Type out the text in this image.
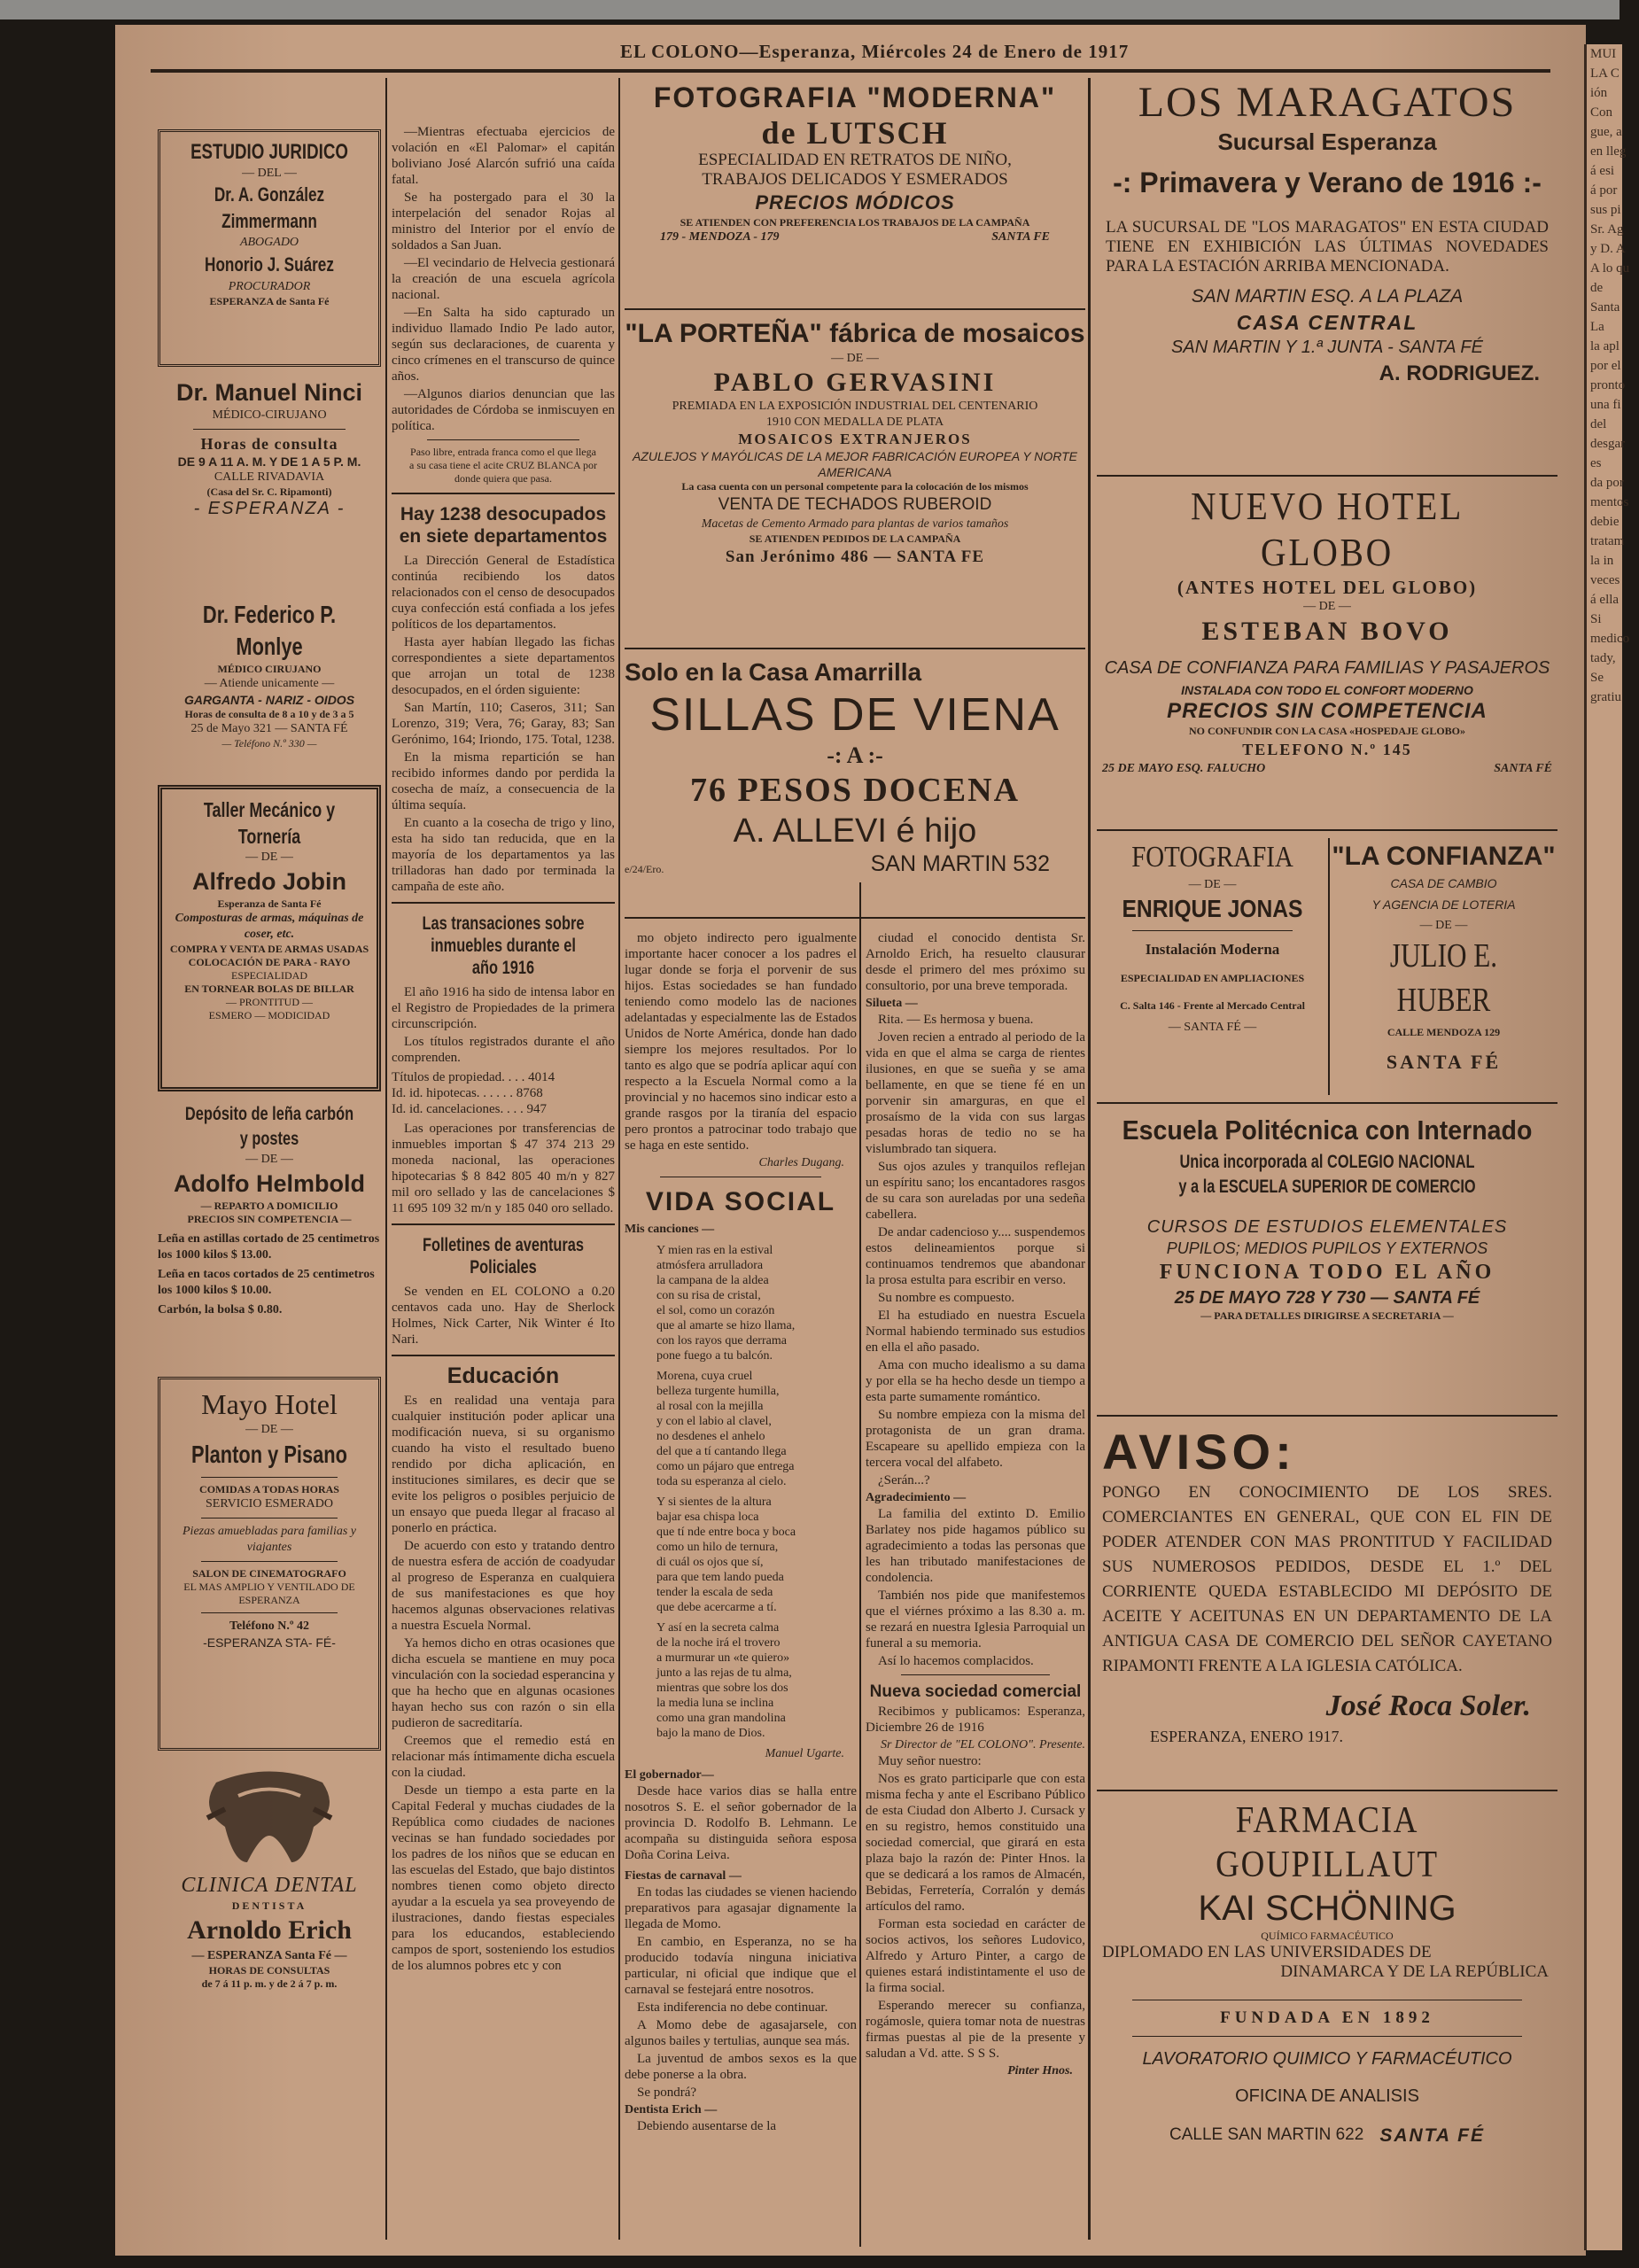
EL COLONO—Esperanza, Miércoles 24 de Enero de 1917
ESTUDIO JURIDICO
— DEL —
Dr. A. González Zimmermann
ABOGADO
Honorio J. Suárez
PROCURADOR
ESPERANZA de Santa Fé
Dr. Manuel Ninci
MÉDICO-CIRUJANO
Horas de consulta
DE 9 A 11 A. M. Y DE 1 A 5 P. M.
CALLE RIVADAVIA
(Casa del Sr. C. Ripamonti)
- ESPERANZA -
Dr. Federico P. Monlye
MÉDICO CIRUJANO
— Atiende unicamente —
GARGANTA - NARIZ - OIDOS
Horas de consulta de 8 a 10 y de 3 a 5
25 de Mayo 321 — SANTA FÉ
— Teléfono N.º 330 —
Taller Mecánico y Tornería
— DE —
Alfredo Jobin
Esperanza de Santa Fé
Composturas de armas, máquinas de coser, etc.
COMPRA Y VENTA DE ARMAS USADAS
COLOCACIÓN DE PARA - RAYO
ESPECIALIDAD
EN TORNEAR BOLAS DE BILLAR
— PRONTITUD —
ESMERO — MODICIDAD
Depósito de leña carbón y postes
— DE —
Adolfo Helmbold
— REPARTO A DOMICILIO
PRECIOS SIN COMPETENCIA —
Leña en astillas cortado de 25 centimetros los 1000 kilos $ 13.00.
Leña en tacos cortados de 25 centimetros los 1000 kilos $ 10.00.
Carbón, la bolsa $ 0.80.
Mayo Hotel
— DE —
Planton y Pisano
COMIDAS A TODAS HORAS
SERVICIO ESMERADO
Piezas amuebladas para familias y viajantes
SALON DE CINEMATOGRAFO
EL MAS AMPLIO Y VENTILADO DE ESPERANZA
Teléfono N.º 42
-ESPERANZA STA- FÉ-
CLINICA DENTAL
DENTISTA
Arnoldo Erich
— ESPERANZA Santa Fé —
HORAS DE CONSULTAS
de 7 á 11 p. m. y de 2 á 7 p. m.

—Mientras efectuaba ejercicios de volación en «El Palomar» el capitán boliviano José Alarcón sufrió una caída fatal.

Se ha postergado para el 30 la interpelación del senador Rojas al ministro del Interior por el envío de soldados a San Juan.

—El vecindario de Helvecia gestionará la creación de una escuela agrícola nacional.

—En Salta ha sido capturado un individuo llamado Indio Pe lado autor, según sus declaraciones, de cuarenta y cinco crímenes en el transcurso de quince años.

—Algunos diarios denuncian que las autoridades de Córdoba se inmiscuyen en política.

Paso libre, entrada franca como el que llega a su casa tiene el acite CRUZ BLANCA por donde quiera que pasa.
Hay 1238 desocupados en siete departamentos

La Dirección General de Estadística continúa recibiendo los datos relacionados con el censo de desocupados cuya confección está confiada a los jefes políticos de los departamentos.

Hasta ayer habían llegado las fichas correspondientes a siete departamentos que arrojan un total de 1238 desocupados, en el órden siguiente:

San Martín, 110; Caseros, 311; San Lorenzo, 319; Vera, 76; Garay, 83; San Gerónimo, 164; Iriondo, 175. Total, 1238.

En la misma repartición se han recibido informes dando por perdida la cosecha de maíz, a consecuencia de la última sequía.

En cuanto a la cosecha de trigo y lino, esta ha sido tan reducida, que en la mayoría de los departamentos ya las trilladoras han dado por terminada la campaña de este año.

Las transaciones sobre inmuebles durante el año 1916

El año 1916 ha sido de intensa labor en el Registro de Propiedades de la primera circunscripción.

Los títulos registrados durante el año comprenden.

Títulos de propiedad. . . . 4014
Id. id. hipotecas. . . . . . 8768
Id. id. cancelaciones. . . . 947

Las operaciones por transferencias de inmuebles importan $ 47 374 213 29 moneda nacional, las operaciones hipotecarias $ 8 842 805 40 m/n y 827 mil oro sellado y las de cancelaciones $ 11 695 109 32 m/n y 185 040 oro sellado.

Folletines de aventuras Policiales

Se venden en EL COLONO a 0.20 centavos cada uno. Hay de Sherlock Holmes, Nick Carter, Nik Winter é Ito Nari.

Educación

Es en realidad una ventaja para cualquier institución poder aplicar una modificación nueva, si su organismo cuando ha visto el resultado bueno rendido por dicha aplicación, en instituciones similares, es decir que se evite los peligros o posibles perjuicio de un ensayo que pueda llegar al fracaso al ponerlo en práctica.

De acuerdo con esto y tratando dentro de nuestra esfera de acción de coadyudar al progreso de Esperanza en cualquiera de sus manifestaciones es que hoy hacemos algunas observaciones relativas a nuestra Escuela Normal.

Ya hemos dicho en otras ocasiones que dicha escuela se mantiene en muy poca vinculación con la sociedad esperancina y que ha hecho que en algunas ocasiones hayan hecho sus con razón o sin ella pudieron de sacreditaría.

Creemos que el remedio está en relacionar más íntimamente dicha escuela con la ciudad.

Desde un tiempo a esta parte en la Capital Federal y muchas ciudades de la República como ciudades de naciones vecinas se han fundado sociedades por los padres de los niños que se educan en las escuelas del Estado, que bajo distintos nombres tienen como objeto directo ayudar a la escuela ya sea proveyendo de ilustraciones, dando fiestas especiales para los educandos, estableciendo campos de sport, sosteniendo los estudios de los alumnos pobres etc y con

FOTOGRAFIA "MODERNA"
de LUTSCH
ESPECIALIDAD EN RETRATOS DE NIÑO,
TRABAJOS DELICADOS Y ESMERADOS
PRECIOS MÓDICOS
SE ATIENDEN CON PREFERENCIA LOS TRABAJOS DE LA CAMPAÑA
179 - MENDOZA - 179	SANTA FE
"LA PORTEÑA" fábrica de mosaicos
— DE —
PABLO GERVASINI
PREMIADA EN LA EXPOSICIÓN INDUSTRIAL DEL CENTENARIO 1910 CON MEDALLA DE PLATA
MOSAICOS EXTRANJEROS
AZULEJOS Y MAYÓLICAS DE LA MEJOR FABRICACIÓN EUROPEA Y NORTE AMERICANA
La casa cuenta con un personal competente para la colocación de los mismos
VENTA DE TECHADOS RUBEROID
Macetas de Cemento Armado para plantas de varios tamaños
SE ATIENDEN PEDIDOS DE LA CAMPAÑA
San Jerónimo 486 — SANTA FE
Solo en la Casa Amarrilla
SILLAS DE VIENA
-: A :-
76 PESOS DOCENA
A. ALLEVI é hijo
e/24/Ero.	SAN MARTIN 532

mo objeto indirecto pero igualmente importante hacer conocer a los padres el lugar donde se forja el porvenir de sus hijos. Estas sociedades se han fundado teniendo como modelo las de naciones adelantadas y especialmente las de Estados Unidos de Norte América, donde han dado siempre los mejores resultados. Por lo tanto es algo que se podría aplicar aquí con respecto a la Escuela Normal como a la provincial y no hacemos sino indicar esto a grande rasgos por la tiranía del espacio pero prontos a patrocinar todo trabajo que se haga en este sentido.

Charles Dugang.
VIDA SOCIAL
Mis canciones —
Y mien ras en la estival
atmósfera arrulladora
la campana de la aldea
con su risa de cristal,
el sol, como un corazón
que al amarte se hizo llama,
con los rayos que derrama
pone fuego a tu balcón.
Morena, cuya cruel
belleza turgente humilla,
al rosal con la mejilla
y con el labio al clavel,
no desdenes el anhelo
del que a tí cantando llega
como un pájaro que entrega
toda su esperanza al cielo.
Y si sientes de la altura
bajar esa chispa loca
que tí nde entre boca y boca
como un hilo de ternura,
di cuál os ojos que sí,
para que tem lando pueda
tender la escala de seda
que debe acercarme a tí.
Y así en la secreta calma
de la noche irá el trovero
a murmurar un «te quiero»
junto a las rejas de tu alma,
mientras que sobre los dos
la media luna se inclina
como una gran mandolina
bajo la mano de Dios.
Manuel Ugarte.
El gobernador—

Desde hace varios dias se halla entre nosotros S. E. el señor gobernador de la provincia D. Rodolfo B. Lehmann. Le acompaña su distinguida señora esposa Doña Corina Leiva.

Fiestas de carnaval —

En todas las ciudades se vienen haciendo preparativos para agasajar dignamente la llegada de Momo.

En cambio, en Esperanza, no se ha producido todavía ninguna iniciativa particular, ni oficial que indique que el carnaval se festejará entre nosotros.

Esta indiferencia no debe continuar.

A Momo debe de agasajarsele, con algunos bailes y tertulias, aunque sea más.

La juventud de ambos sexos es la que debe ponerse a la obra.

Se pondrá?

Dentista Erich —

Debiendo ausentarse de la

ciudad el conocido dentista Sr. Arnoldo Erich, ha resuelto clausurar desde el primero del mes próximo su consultorio, por una breve temporada.

Silueta —

Rita. — Es hermosa y buena.

Joven recien a entrado al periodo de la vida en que el alma se carga de rientes ilusiones, en que se sueña y se ama bellamente, en que se tiene fé en un porvenir sin amarguras, en que el prosaísmo de la vida con sus largas pesadas horas de tedio no se ha vislumbrado tan siquera.

Sus ojos azules y tranquilos reflejan un espíritu sano; los encantadores rasgos de su cara son aureladas por una sedeña cabellera.

De andar cadencioso y.... suspendemos estos delineamientos porque si continuamos tendremos que abandonar la prosa estulta para escribir en verso.

Su nombre es compuesto.

El ha estudiado en nuestra Escuela Normal habiendo terminado sus estudios en ella el año pasado.

Ama con mucho idealismo a su dama y por ella se ha hecho desde un tiempo a esta parte sumamente romántico.

Su nombre empieza con la misma del protagonista de un gran drama. Escapeare su apellido empieza con la tercera vocal del alfabeto.

¿Serán...?

Agradecimiento —

La familia del extinto D. Emilio Barlatey nos pide hagamos público su agradecimiento a todas las personas que les han tributado manifestaciones de condolencia.

También nos pide que manifestemos que el viérnes próximo a las 8.30 a. m. se rezará en nuestra Iglesia Parroquial un funeral a su memoria.

Así lo hacemos complacidos.

Nueva sociedad comercial

Recibimos y publicamos: Esperanza, Diciembre 26 de 1916

Sr Director de "EL COLONO". Presente.

Muy señor nuestro:

Nos es grato participarle que con esta misma fecha y ante el Escribano Público de esta Ciudad don Alberto J. Cursack y en su registro, hemos constituido una sociedad comercial, que girará en esta plaza bajo la razón de: Pinter Hnos. la que se dedicará a los ramos de Almacén, Bebidas, Ferretería, Corralón y demás artículos del ramo.

Forman esta sociedad en carácter de socios activos, los señores Ludovico, Alfredo y Arturo Pinter, a cargo de quienes estará indistintamente el uso de la firma social.

Esperando merecer su confianza, rogámosle, quiera tomar nota de nuestras firmas puestas al pie de la presente y saludan a Vd. atte. S S S.

Pinter Hnos.
LOS MARAGATOS
Sucursal Esperanza
-: Primavera y Verano de 1916 :-
LA SUCURSAL DE "LOS MARAGATOS" EN ESTA CIUDAD TIENE EN EXHIBICIÓN LAS ÚLTIMAS NOVEDADES PARA LA ESTACIÓN ARRIBA MENCIONADA.
SAN MARTIN ESQ. A LA PLAZA
CASA CENTRAL
SAN MARTIN Y 1.ª JUNTA - SANTA FÉ
A. RODRIGUEZ.
NUEVO HOTEL GLOBO
(ANTES HOTEL DEL GLOBO)
— DE —
ESTEBAN BOVO
CASA DE CONFIANZA PARA FAMILIAS Y PASAJEROS
INSTALADA CON TODO EL CONFORT MODERNO
PRECIOS SIN COMPETENCIA
NO CONFUNDIR CON LA CASA «HOSPEDAJE GLOBO»
TELEFONO N.º 145
25 DE MAYO ESQ. FALUCHO	SANTA FÉ
FOTOGRAFIA
— DE —
ENRIQUE JONAS
Instalación Moderna
ESPECIALIDAD EN AMPLIACIONES
C. Salta 146 - Frente al Mercado Central
— SANTA FÉ —
"LA CONFIANZA"
CASA DE CAMBIO
Y AGENCIA DE LOTERIA
— DE —
JULIO E. HUBER
CALLE MENDOZA 129
SANTA FÉ
Escuela Politécnica con Internado
Unica incorporada al COLEGIO NACIONAL
y a la ESCUELA SUPERIOR DE COMERCIO
CURSOS DE ESTUDIOS ELEMENTALES
PUPILOS; MEDIOS PUPILOS Y EXTERNOS
FUNCIONA TODO EL AÑO
25 DE MAYO 728 Y 730 — SANTA FÉ
— PARA DETALLES DIRIGIRSE A SECRETARIA —
AVISO:
PONGO EN CONOCIMIENTO DE LOS SRES. COMERCIANTES EN GENERAL, QUE CON EL FIN DE PODER ATENDER CON MAS PRONTITUD Y FACILIDAD SUS NUMEROSOS PEDIDOS, DESDE EL 1.º DEL CORRIENTE QUEDA ESTABLECIDO MI DEPÓSITO DE ACEITE Y ACEITUNAS EN UN DEPARTAMENTO DE LA ANTIGUA CASA DE COMERCIO DEL SEÑOR CAYETANO RIPAMONTI FRENTE A LA IGLESIA CATÓLICA.
José Roca Soler.
ESPERANZA, ENERO 1917.
FARMACIA GOUPILLAUT
KAI SCHÖNING
QUÍMICO FARMACÉUTICO
DIPLOMADO EN LAS UNIVERSIDADES DE
DINAMARCA Y DE LA REPÚBLICA
FUNDADA EN 1892
LAVORATORIO QUIMICO Y FARMACÉUTICO
OFICINA DE ANALISIS
CALLE SAN MARTIN 622 SANTA FÉ
MUI
LA C
ión
Con
gue, a
en lleg
á esi
á por
sus pi
Sr. Ag
y D. A
A lo qu
de
Santa
La
la apl
por el
pronto
una fi
del
desgar
es
da por
mentos
debie
tratam
la in
veces
á ella
Si
medico
tady,
Se
gratiu
